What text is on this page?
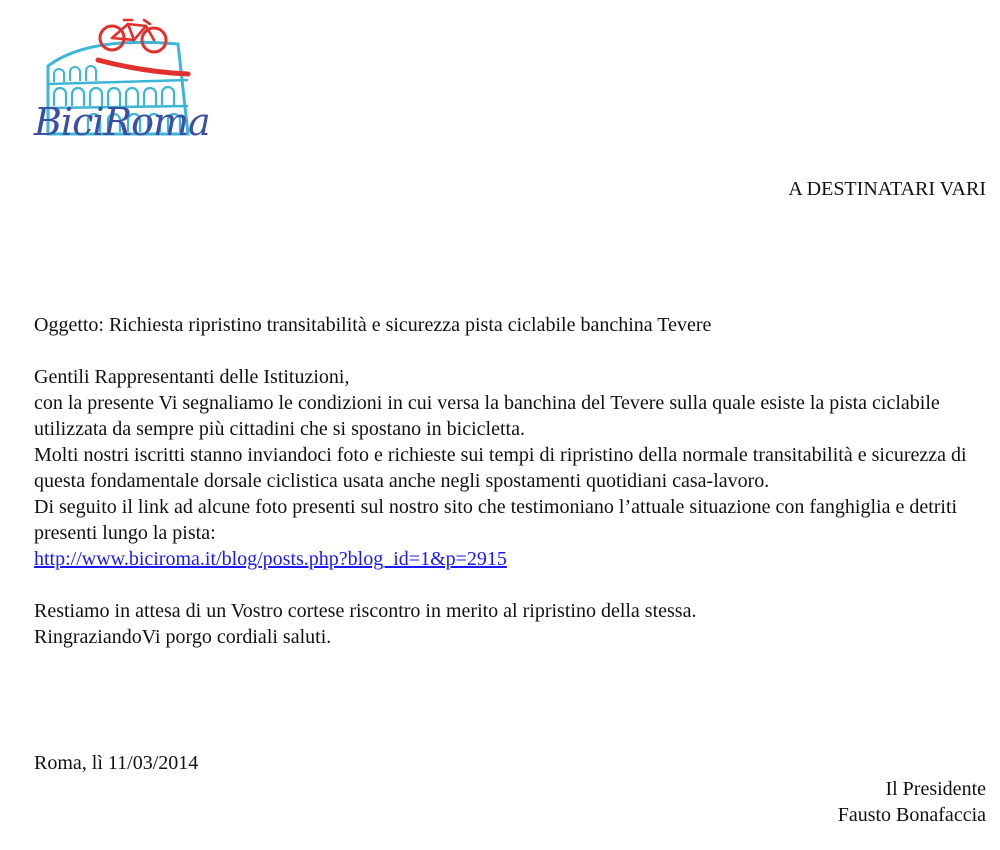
BiciRoma
A DESTINATARI VARI

Oggetto: Richiesta ripristino transitabilità e sicurezza pista ciclabile banchina Tevere

Gentili Rappresentanti delle Istituzioni,

con la presente Vi segnaliamo le condizioni in cui versa la banchina del Tevere sulla quale esiste la pista ciclabile utilizzata da sempre più cittadini che si spostano in bicicletta.

Molti nostri iscritti stanno inviandoci foto e richieste sui tempi di ripristino della normale transitabilità e sicurezza di questa fondamentale dorsale ciclistica usata anche negli spostamenti quotidiani casa-lavoro.

Di seguito il link ad alcune foto presenti sul nostro sito che testimoniano l’attuale situazione con fanghiglia e detriti presenti lungo la pista:

http://www.biciroma.it/blog/posts.php?blog_id=1&p=2915

Restiamo in attesa di un Vostro cortese riscontro in merito al ripristino della stessa.

RingraziandoVi porgo cordiali saluti.

Roma, lì 11/03/2014
Il Presidente
Fausto Bonafaccia
